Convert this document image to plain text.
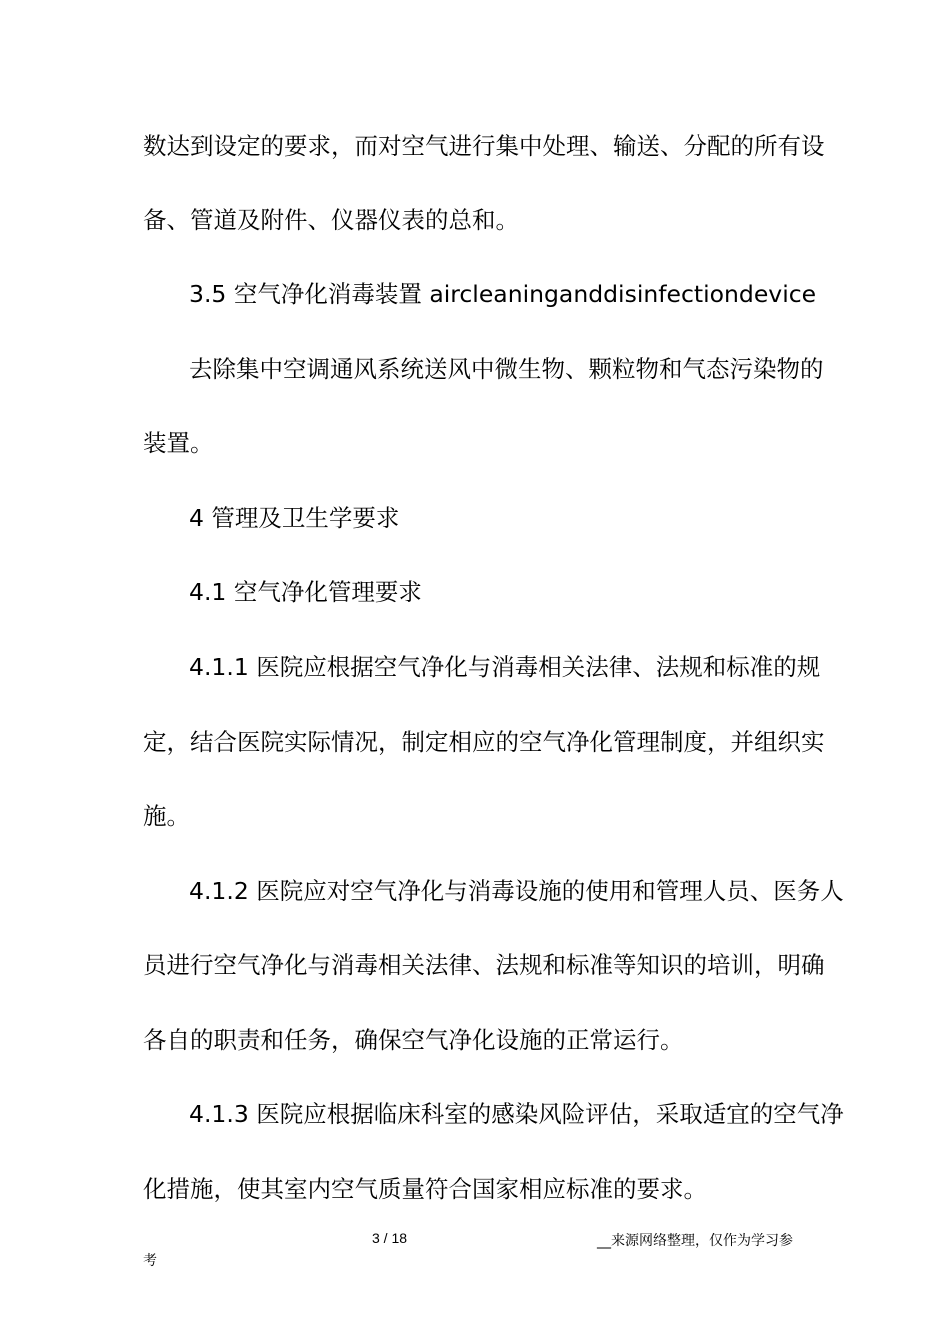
数达到设定的要求，而对空气进行集中处理、输送、分配的所有设
备、管道及附件、仪器仪表的总和。
3.5 空气净化消毒装置 aircleaninganddisinfectiondevice
去除集中空调通风系统送风中微生物、颗粒物和气态污染物的
装置。
4 管理及卫生学要求
4.1 空气净化管理要求
4.1.1 医院应根据空气净化与消毒相关法律、法规和标准的规
定，结合医院实际情况，制定相应的空气净化管理制度，并组织实
施。
4.1.2 医院应对空气净化与消毒设施的使用和管理人员、医务人
员进行空气净化与消毒相关法律、法规和标准等知识的培训，明确
各自的职责和任务，确保空气净化设施的正常运行。
4.1.3 医院应根据临床科室的感染风险评估，采取适宜的空气净
化措施，使其室内空气质量符合国家相应标准的要求。
3 / 18	__来源网络整理，仅作为学习参
考
